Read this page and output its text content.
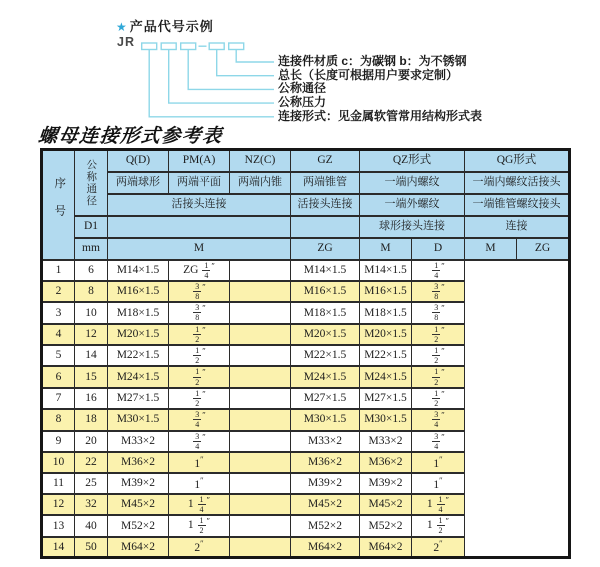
★ 产品代号示例
JR
连接件材质 c：为碳钢 b：为不锈钢
总长（长度可根据用户要求定制）
公称通径
公称压力
连接形式：见金属软管常用结构形式表
螺母连接形式参考表
序号	公称通径	Q(D)	PM(A)	NZ(C)	GZ	QZ形式		QG形式	
		两端球形	两端平面	两端内锥	两端锥管	一端内螺纹		一端内螺纹活接头	
		活接头连接			活接头连接	一端外螺纹		一端锥管螺纹接头	
	D1					球形接头连接		连接	
	mm	M			ZG	M	D	M	ZG
1	6	M14×1.5	ZG $\frac{1}{4} ''$		M14×1.5	M14×1.5	$\frac{1}{4} ''$
2	8	M16×1.5	$\frac{3}{8} ''$		M16×1.5	M16×1.5	$\frac{3}{8} ''$
3	10	M18×1.5	$\frac{3}{8} ''$		M18×1.5	M18×1.5	$\frac{3}{8} ''$
4	12	M20×1.5	$\frac{1}{2} ''$		M20×1.5	M20×1.5	$\frac{1}{2} ''$
5	14	M22×1.5	$\frac{1}{2} ''$		M22×1.5	M22×1.5	$\frac{1}{2} ''$
6	15	M24×1.5	$\frac{1}{2} ''$		M24×1.5	M24×1.5	$\frac{1}{2} ''$
7	16	M27×1.5	$\frac{1}{2} ''$		M27×1.5	M27×1.5	$\frac{1}{2} ''$
8	18	M30×1.5	$\frac{3}{4} ''$		M30×1.5	M30×1.5	$\frac{3}{4} ''$
9	20	M33×2	$\frac{3}{4} ''$		M33×2	M33×2	$\frac{3}{4} ''$
10	22	M36×2	1″		M36×2	M36×2	1″
11	25	M39×2	1″		M39×2	M39×2	1″
12	32	M45×2	$1 \frac{1}{4} ''$		M45×2	M45×2	$1 \frac{1}{4} ''$
13	40	M52×2	$1 \frac{1}{2} ''$		M52×2	M52×2	$1 \frac{1}{2} ''$
14	50	M64×2	2″		M64×2	M64×2	2″
